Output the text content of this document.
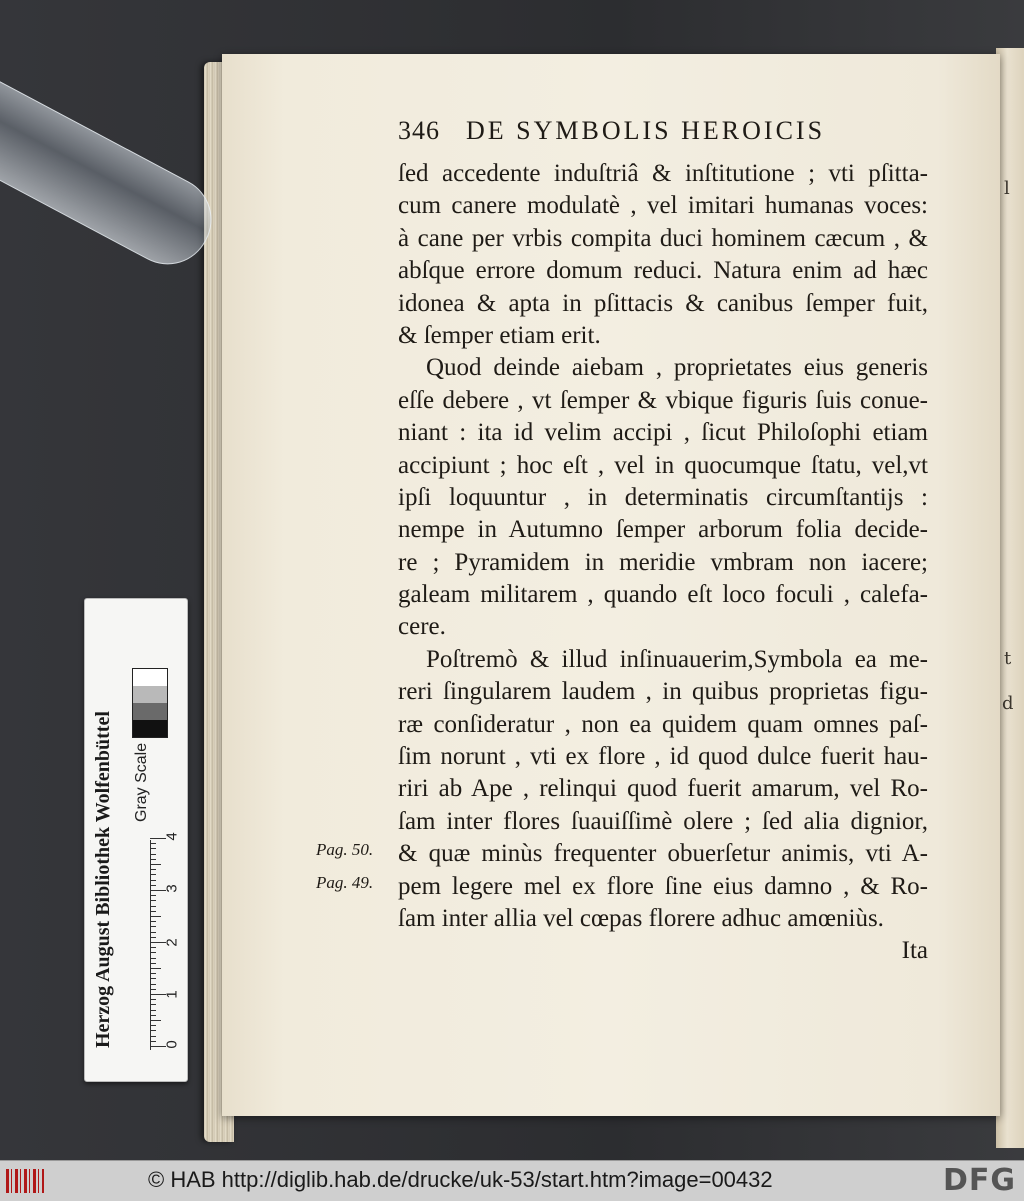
l
t
d
Herzog August Bibliothek Wolfenbüttel Gray Scale
0
1
2
3
4
346 DE SYMBOLIS HEROICIS
ſed accedente induſtriâ & inſtitutione ; vti pſitta-
cum canere modulatè , vel imitari humanas voces:
à cane per vrbis compita duci hominem cæcum , &
abſque errore domum reduci. Natura enim ad hæc
idonea & apta in pſittacis & canibus ſemper fuit,
& ſemper etiam erit.
Quod deinde aiebam , proprietates eius generis
eſſe debere , vt ſemper & vbique figuris ſuis conue-
niant : ita id velim accipi , ſicut Philoſophi etiam
accipiunt ; hoc eſt , vel in quocumque ſtatu, vel,vt
ipſi loquuntur , in determinatis circumſtantijs :
nempe in Autumno ſemper arborum folia decide-
re ; Pyramidem in meridie vmbram non iacere;
galeam militarem , quando eſt loco foculi , calefa-
cere.
Poſtremò & illud inſinuauerim,Symbola ea me-
reri ſingularem laudem , in quibus proprietas figu-
ræ conſideratur , non ea quidem quam omnes paſ-
ſim norunt , vti ex flore , id quod dulce fuerit hau-
riri ab Ape , relinqui quod fuerit amarum, vel Ro-
ſam inter flores ſuauiſſimè olere ; ſed alia dignior,
& quæ minùs frequenter obuerſetur animis, vti A-
pem legere mel ex flore ſine eius damno , & Ro-
ſam inter allia vel cœpas florere adhuc amœniùs.
Ita
Pag. 50.
Pag. 49.
© HAB http://diglib.hab.de/drucke/uk-53/start.htm?image=00432	DFG
